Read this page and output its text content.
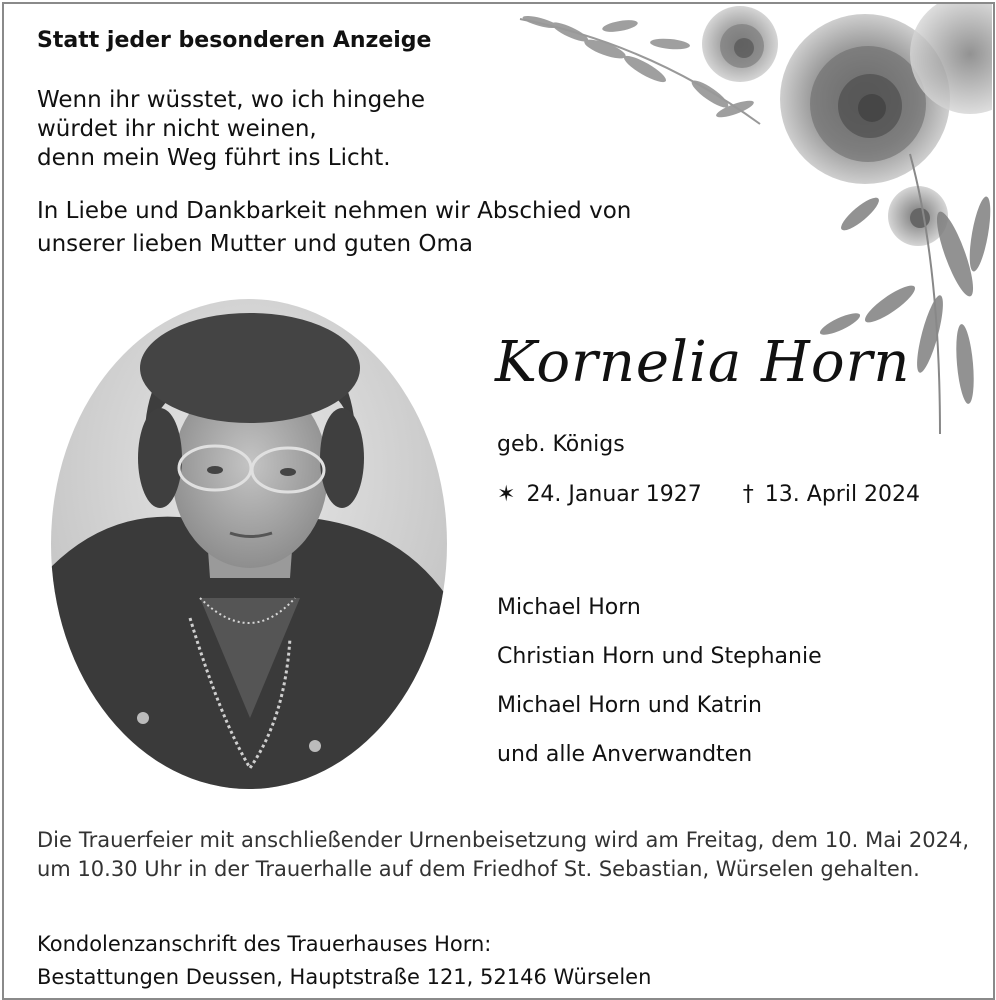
Statt jeder besonderen Anzeige
Wenn ihr wüsstet, wo ich hingehe
würdet ihr nicht weinen,
denn mein Weg führt ins Licht.
In Liebe und Dankbarkeit nehmen wir Abschied von
unserer lieben Mutter und guten Oma
Kornelia Horn
geb. Königs
✶ 24. Januar 1927 † 13. April 2024
Michael Horn
Christian Horn und Stephanie
Michael Horn und Katrin
und alle Anverwandten
Die Trauerfeier mit anschließender Urnenbeisetzung wird am Freitag, dem 10. Mai 2024, um 10.30 Uhr in der Trauerhalle auf dem Friedhof St. Sebastian, Würselen gehalten.
Kondolenzanschrift des Trauerhauses Horn:
Bestattungen Deussen, Hauptstraße 121, 52146 Würselen
